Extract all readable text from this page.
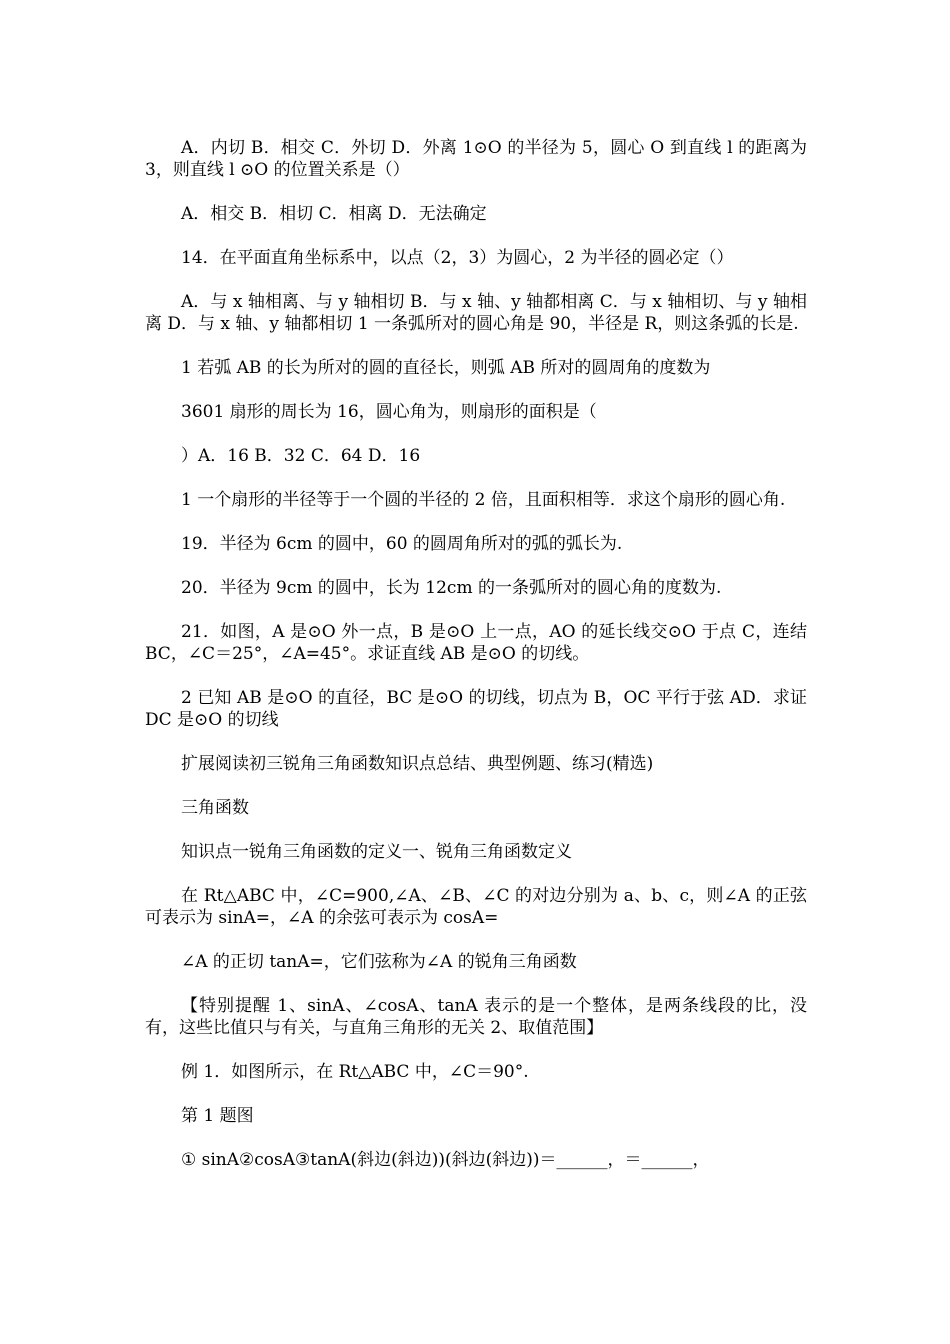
A．内切 B．相交 C．外切 D．外离 1⊙O 的半径为 5，圆心 O 到直线 l 的距离为 3，则直线 l ⊙O 的位置关系是（）

A．相交 B．相切 C．相离 D．无法确定

14．在平面直角坐标系中，以点（2，3）为圆心，2 为半径的圆必定（）

A．与 x 轴相离、与 y 轴相切 B．与 x 轴、y 轴都相离 C．与 x 轴相切、与 y 轴相离 D．与 x 轴、y 轴都相切 1 一条弧所对的圆心角是 90，半径是 R，则这条弧的长是.

1 若弧 AB 的长为所对的圆的直径长，则弧 AB 所对的圆周角的度数为

3601 扇形的周长为 16，圆心角为，则扇形的面积是（

）A．16 B．32 C．64 D．16

1 一个扇形的半径等于一个圆的半径的 2 倍，且面积相等．求这个扇形的圆心角.

19．半径为 6cm 的圆中，60 的圆周角所对的弧的弧长为.

20．半径为 9cm 的圆中，长为 12cm 的一条弧所对的圆心角的度数为.

21．如图，A 是⊙O 外一点，B 是⊙O 上一点，AO 的延长线交⊙O 于点 C，连结 BC，∠C＝25°，∠A=45°。求证直线 AB 是⊙O 的切线。

2 已知 AB 是⊙O 的直径，BC 是⊙O 的切线，切点为 B，OC 平行于弦 AD．求证 DC 是⊙O 的切线

扩展阅读初三锐角三角函数知识点总结、典型例题、练习(精选)

三角函数

知识点一锐角三角函数的定义一、锐角三角函数定义

在 Rt△ABC 中，∠C=900,∠A、∠B、∠C 的对边分别为 a、b、c，则∠A 的正弦可表示为 sinA=，∠A 的余弦可表示为 cosA=

∠A 的正切 tanA=，它们弦称为∠A 的锐角三角函数

【特别提醒 1、sinA、∠cosA、tanA 表示的是一个整体，是两条线段的比，没有，这些比值只与有关，与直角三角形的无关 2、取值范围】

例 1．如图所示，在 Rt△ABC 中，∠C＝90°.

第 1 题图

① sinA②cosA③tanA(斜边(斜边))(斜边(斜边))＝______，＝______，
